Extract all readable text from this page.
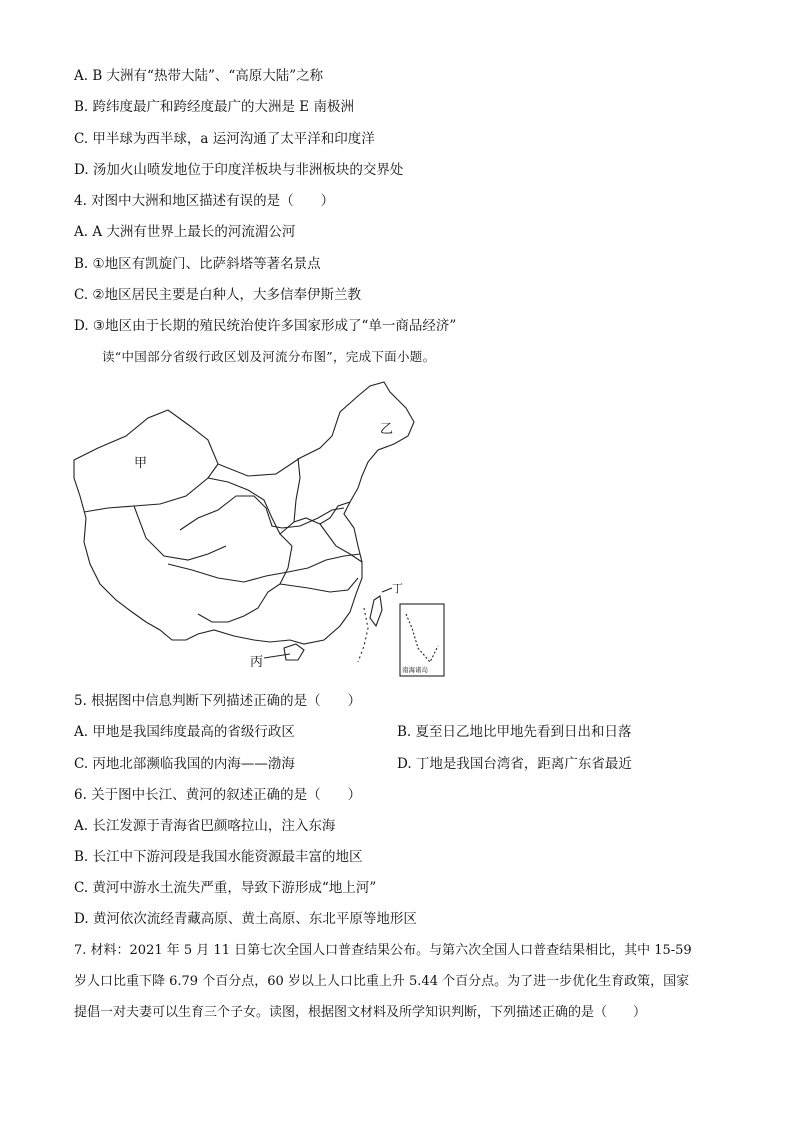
A. B 大洲有“热带大陆”、“高原大陆”之称
B. 跨纬度最广和跨经度最广的大洲是 E 南极洲
C. 甲半球为西半球，a 运河沟通了太平洋和印度洋
D. 汤加火山喷发地位于印度洋板块与非洲板块的交界处
4. 对图中大洲和地区描述有误的是（　　）
A. A 大洲有世界上最长的河流湄公河
B. ①地区有凯旋门、比萨斜塔等著名景点
C. ②地区居民主要是白种人，大多信奉伊斯兰教
D. ③地区由于长期的殖民统治使许多国家形成了“单一商品经济”
读“中国部分省级行政区划及河流分布图”，完成下面小题。
甲
乙
丙
丁
南海诸岛
5. 根据图中信息判断下列描述正确的是（　　）
A. 甲地是我国纬度最高的省级行政区	B. 夏至日乙地比甲地先看到日出和日落
C. 丙地北部濒临我国的内海——渤海	D. 丁地是我国台湾省，距离广东省最近
6. 关于图中长江、黄河的叙述正确的是（　　）
A. 长江发源于青海省巴颜喀拉山，注入东海
B. 长江中下游河段是我国水能资源最丰富的地区
C. 黄河中游水土流失严重，导致下游形成“地上河”
D. 黄河依次流经青藏高原、黄土高原、东北平原等地形区
7. 材料：2021 年 5 月 11 日第七次全国人口普查结果公布。与第六次全国人口普查结果相比，其中 15-59
岁人口比重下降 6.79 个百分点，60 岁以上人口比重上升 5.44 个百分点。为了进一步优化生育政策，国家
提倡一对夫妻可以生育三个子女。读图，根据图文材料及所学知识判断，下列描述正确的是（　　）
